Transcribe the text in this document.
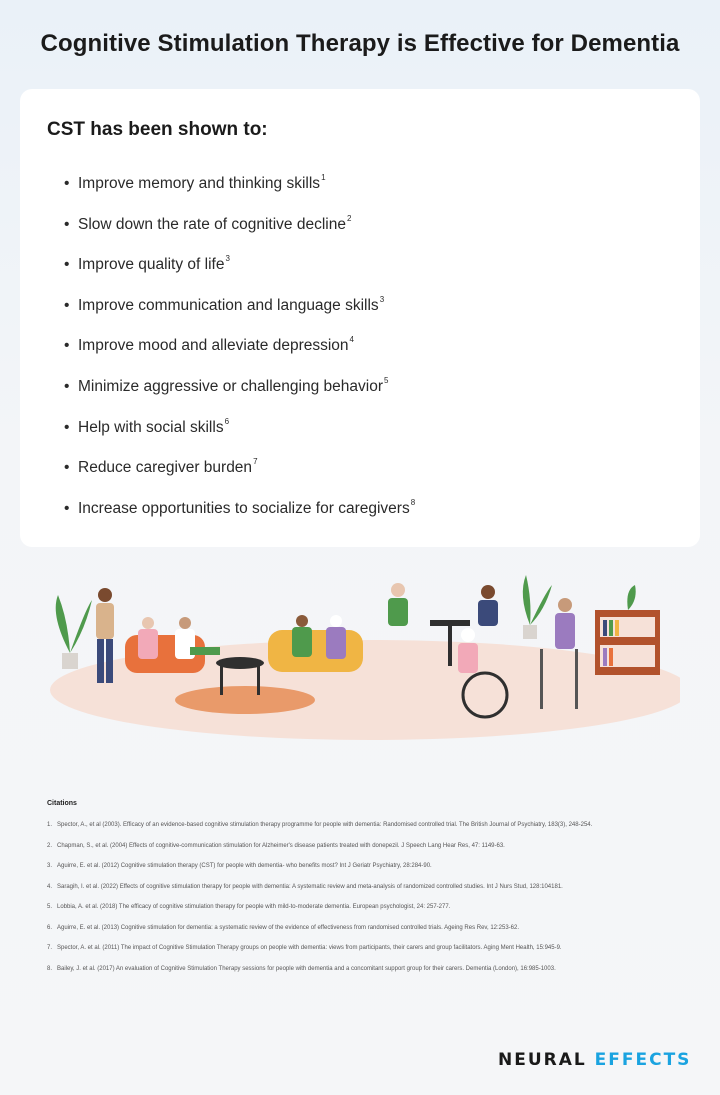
Cognitive Stimulation Therapy is Effective for Dementia
CST has been shown to:
• Improve memory and thinking skills$^1$
• Slow down the rate of cognitive decline$^2$
• Improve quality of life$^3$
• Improve communication and language skills$^3$
• Improve mood and alleviate depression$^4$
• Minimize aggressive or challenging behavior$^5$
• Help with social skills$^6$
• Reduce caregiver burden$^7$
• Increase opportunities to socialize for caregivers$^8$
Citations
1. Spector, A., et al (2003). Efficacy of an evidence-based cognitive stimulation therapy programme for people with dementia: Randomised controlled trial. The British Journal of Psychiatry, 183(3), 248-254.
2. Chapman, S., et al. (2004) Effects of cognitive-communication stimulation for Alzheimer's disease patients treated with donepezil. J Speech Lang Hear Res, 47: 1149-63.
3. Aguirre, E. et al. (2012) Cognitive stimulation therapy (CST) for people with dementia- who benefits most? Int J Geriatr Psychiatry, 28:284-90.
4. Saragih, I. et al. (2022) Effects of cognitive stimulation therapy for people with dementia: A systematic review and meta-analysis of randomized controlled studies. Int J Nurs Stud, 128:104181.
5. Lobbia, A. et al. (2018) The efficacy of cognitive stimulation therapy for people with mild-to-moderate dementia. European psychologist, 24: 257-277.
6. Aguirre, E. et al. (2013) Cognitive stimulation for dementia: a systematic review of the evidence of effectiveness from randomised controlled trials. Ageing Res Rev, 12:253-62.
7. Spector, A. et al. (2011) The impact of Cognitive Stimulation Therapy groups on people with dementia: views from participants, their carers and group facilitators. Aging Ment Health, 15:945-9.
8. Bailey, J. et al. (2017) An evaluation of Cognitive Stimulation Therapy sessions for people with dementia and a concomitant support group for their carers. Dementia (London), 16:985-1003.
NEURAL EFFECTS
